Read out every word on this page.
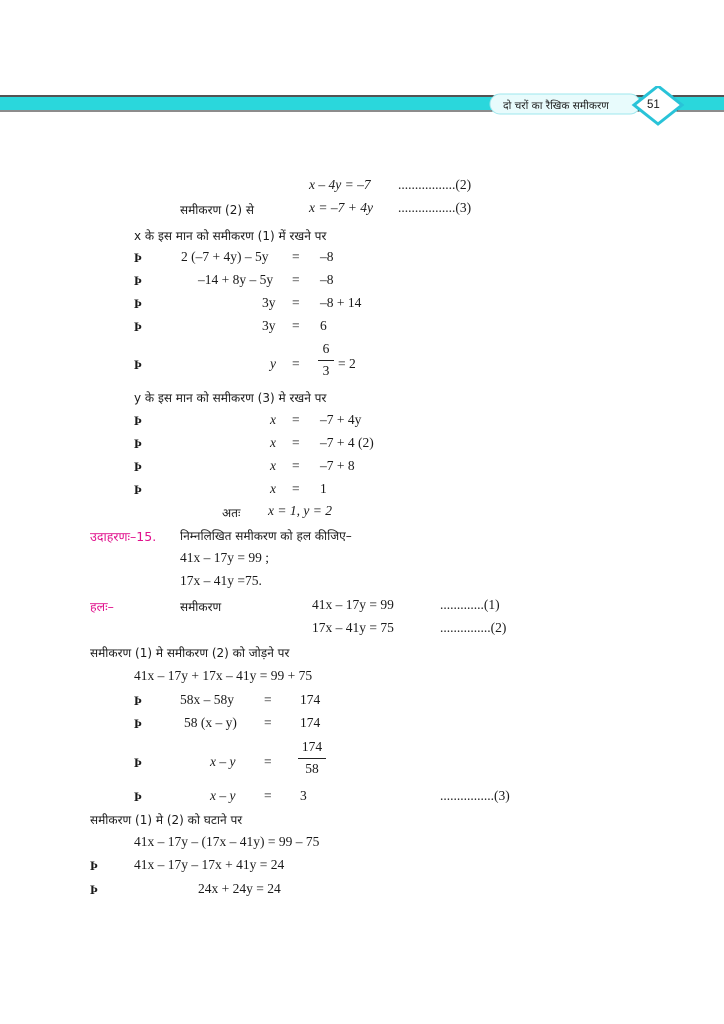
दो चरों का रैखिक समीकरण	51
x – 4y = –7 .................(2)
समीकरण (2) से	x = –7 + 4y .................(3)
x के इस मान को समीकरण (1) में रखने पर
Þ	2 (–7 + 4y) – 5y = –8
Þ	–14 + 8y – 5y = –8
Þ	3y = –8 + 14
Þ	3y = 6
Þ	y =
6
3 = 2
y के इस मान को समीकरण (3) मे रखने पर
Þ	x = –7 + 4y
Þ	x = –7 + 4 (2)
Þ	x = –7 + 8
Þ	x = 1
अतः x = 1, y = 2
उदाहरणः–15. निम्नलिखित समीकरण को हल कीजिए–
41x – 17y = 99 ;
17x – 41y =75.
हलः–	समीकरण	41x – 17y = 99	.............(1)
17x – 41y = 75	...............(2)
समीकरण (1) मे समीकरण (2) को जोड़ने पर
41x – 17y + 17x – 41y = 99 + 75
Þ	58x – 58y = 174
Þ	58 (x – y) = 174
Þ	x – y =
174
58
Þ	x – y = 3	................(3)
समीकरण (1) मे (2) को घटाने पर
41x – 17y – (17x – 41y) = 99 – 75
Þ	41x – 17y – 17x + 41y = 24
Þ	24x + 24y = 24
